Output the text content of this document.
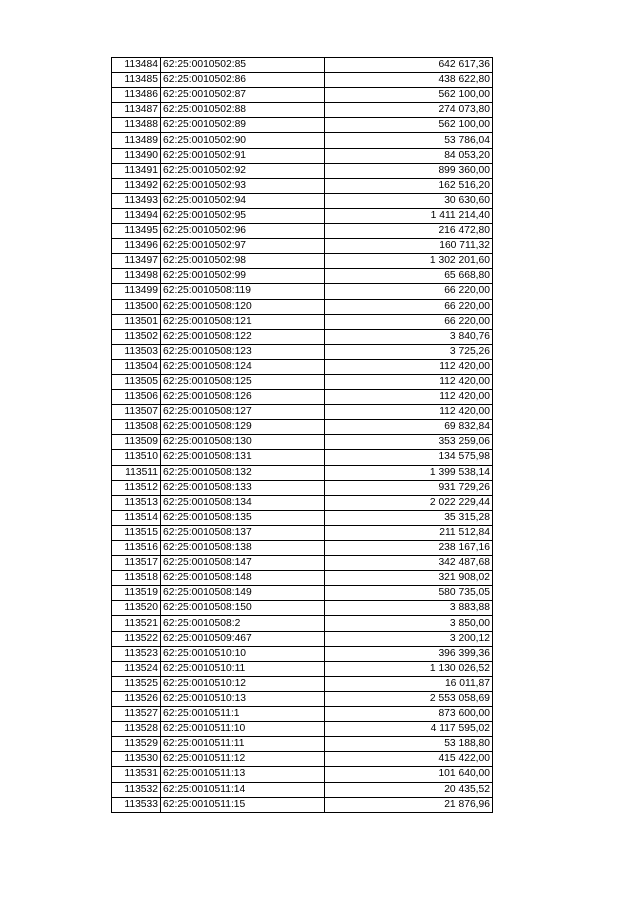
113484	62:25:0010502:85	642 617,36
113485	62:25:0010502:86	438 622,80
113486	62:25:0010502:87	562 100,00
113487	62:25:0010502:88	274 073,80
113488	62:25:0010502:89	562 100,00
113489	62:25:0010502:90	53 786,04
113490	62:25:0010502:91	84 053,20
113491	62:25:0010502:92	899 360,00
113492	62:25:0010502:93	162 516,20
113493	62:25:0010502:94	30 630,60
113494	62:25:0010502:95	1 411 214,40
113495	62:25:0010502:96	216 472,80
113496	62:25:0010502:97	160 711,32
113497	62:25:0010502:98	1 302 201,60
113498	62:25:0010502:99	65 668,80
113499	62:25:0010508:119	66 220,00
113500	62:25:0010508:120	66 220,00
113501	62:25:0010508:121	66 220,00
113502	62:25:0010508:122	3 840,76
113503	62:25:0010508:123	3 725,26
113504	62:25:0010508:124	112 420,00
113505	62:25:0010508:125	112 420,00
113506	62:25:0010508:126	112 420,00
113507	62:25:0010508:127	112 420,00
113508	62:25:0010508:129	69 832,84
113509	62:25:0010508:130	353 259,06
113510	62:25:0010508:131	134 575,98
113511	62:25:0010508:132	1 399 538,14
113512	62:25:0010508:133	931 729,26
113513	62:25:0010508:134	2 022 229,44
113514	62:25:0010508:135	35 315,28
113515	62:25:0010508:137	211 512,84
113516	62:25:0010508:138	238 167,16
113517	62:25:0010508:147	342 487,68
113518	62:25:0010508:148	321 908,02
113519	62:25:0010508:149	580 735,05
113520	62:25:0010508:150	3 883,88
113521	62:25:0010508:2	3 850,00
113522	62:25:0010509:467	3 200,12
113523	62:25:0010510:10	396 399,36
113524	62:25:0010510:11	1 130 026,52
113525	62:25:0010510:12	16 011,87
113526	62:25:0010510:13	2 553 058,69
113527	62:25:0010511:1	873 600,00
113528	62:25:0010511:10	4 117 595,02
113529	62:25:0010511:11	53 188,80
113530	62:25:0010511:12	415 422,00
113531	62:25:0010511:13	101 640,00
113532	62:25:0010511:14	20 435,52
113533	62:25:0010511:15	21 876,96
